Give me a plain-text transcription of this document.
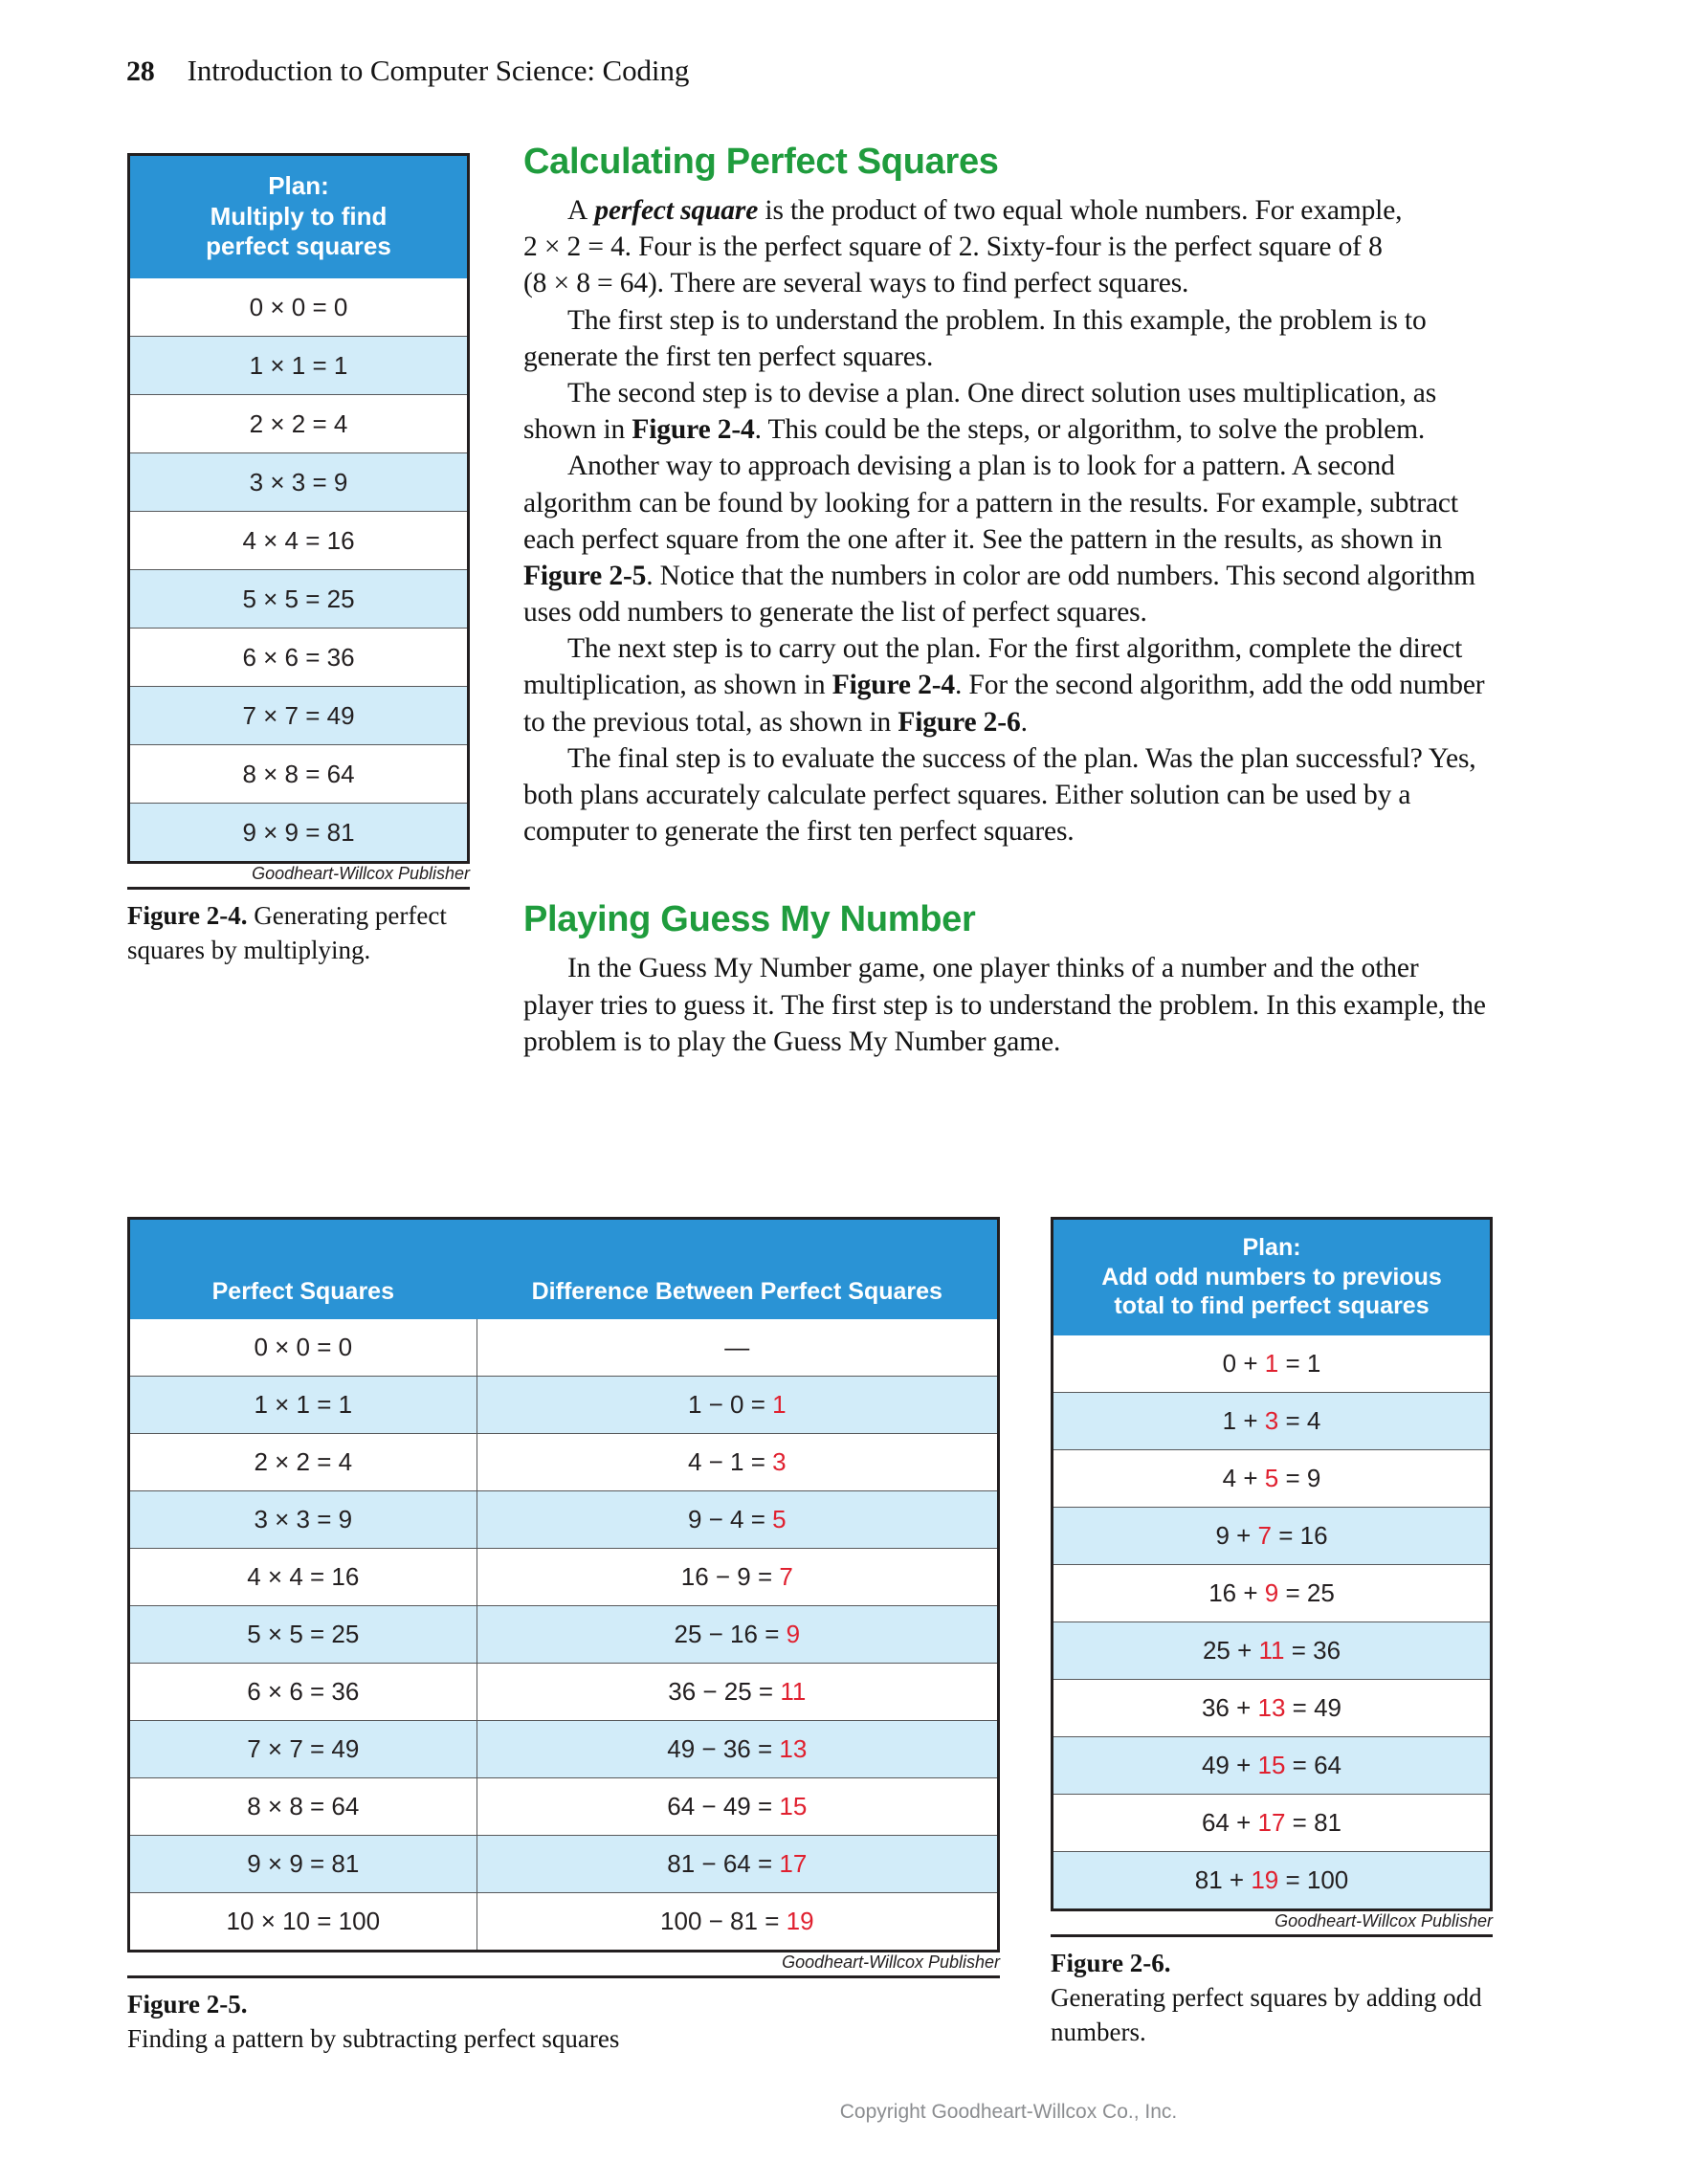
28 Introduction to Computer Science: Coding
Plan:
Multiply to find
perfect squares

0 × 0 = 0
1 × 1 = 1
2 × 2 = 4
3 × 3 = 9
4 × 4 = 16
5 × 5 = 25
6 × 6 = 36
7 × 7 = 49
8 × 8 = 64
9 × 9 = 81
Goodheart-Willcox Publisher
Figure 2-4. Generating perfect squares by multiplying.
Calculating Perfect Squares

A perfect square is the product of two equal whole numbers. For example, 2 × 2 = 4. Four is the perfect square of 2. Sixty-four is the perfect square of 8 (8 × 8 = 64). There are several ways to find perfect squares.

The first step is to understand the problem. In this example, the problem is to generate the first ten perfect squares.

The second step is to devise a plan. One direct solution uses multiplication, as shown in Figure 2-4. This could be the steps, or algorithm, to solve the problem.

Another way to approach devising a plan is to look for a pattern. A second algorithm can be found by looking for a pattern in the results. For example, subtract each perfect square from the one after it. See the pattern in the results, as shown in Figure 2-5. Notice that the numbers in color are odd numbers. This second algorithm uses odd numbers to generate the list of perfect squares.

The next step is to carry out the plan. For the first algorithm, complete the direct multiplication, as shown in Figure 2-4. For the second algorithm, add the odd number to the previous total, as shown in Figure 2-6.

The final step is to evaluate the success of the plan. Was the plan successful? Yes, both plans accurately calculate perfect squares. Either solution can be used by a computer to generate the first ten perfect squares.

Playing Guess My Number

In the Guess My Number game, one player thinks of a number and the other player tries to guess it. The first step is to understand the problem. In this example, the problem is to play the Guess My Number game.

Perfect Squares	Difference Between Perfect Squares
0 × 0 = 0	—
1 × 1 = 1	1 − 0 = 1
2 × 2 = 4	4 − 1 = 3
3 × 3 = 9	9 − 4 = 5
4 × 4 = 16	16 − 9 = 7
5 × 5 = 25	25 − 16 = 9
6 × 6 = 36	36 − 25 = 11
7 × 7 = 49	49 − 36 = 13
8 × 8 = 64	64 − 49 = 15
9 × 9 = 81	81 − 64 = 17
10 × 10 = 100	100 − 81 = 19
Goodheart-Willcox Publisher
Figure 2-5.
Finding a pattern by subtracting perfect squares
Plan:
Add odd numbers to previous
total to find perfect squares

0 + 1 = 1
1 + 3 = 4
4 + 5 = 9
9 + 7 = 16
16 + 9 = 25
25 + 11 = 36
36 + 13 = 49
49 + 15 = 64
64 + 17 = 81
81 + 19 = 100
Goodheart-Willcox Publisher
Figure 2-6.
Generating perfect squares by adding odd numbers.
Copyright Goodheart-Willcox Co., Inc.
